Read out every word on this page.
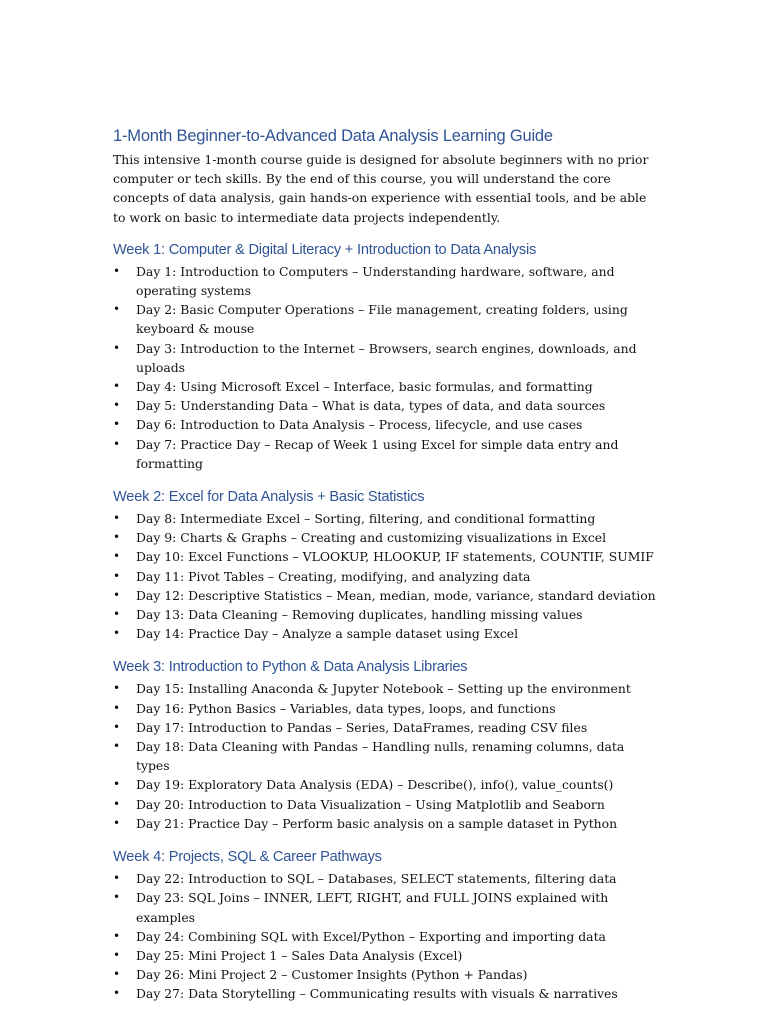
1-Month Beginner-to-Advanced Data Analysis Learning Guide

This intensive 1-month course guide is designed for absolute beginners with no prior computer or tech skills. By the end of this course, you will understand the core concepts of data analysis, gain hands-on experience with essential tools, and be able to work on basic to intermediate data projects independently.

Week 1: Computer & Digital Literacy + Introduction to Data Analysis
• Day 1: Introduction to Computers – Understanding hardware, software, and operating systems
• Day 2: Basic Computer Operations – File management, creating folders, using keyboard & mouse
• Day 3: Introduction to the Internet – Browsers, search engines, downloads, and uploads
• Day 4: Using Microsoft Excel – Interface, basic formulas, and formatting
• Day 5: Understanding Data – What is data, types of data, and data sources
• Day 6: Introduction to Data Analysis – Process, lifecycle, and use cases
• Day 7: Practice Day – Recap of Week 1 using Excel for simple data entry and formatting
Week 2: Excel for Data Analysis + Basic Statistics
• Day 8: Intermediate Excel – Sorting, filtering, and conditional formatting
• Day 9: Charts & Graphs – Creating and customizing visualizations in Excel
• Day 10: Excel Functions – VLOOKUP, HLOOKUP, IF statements, COUNTIF, SUMIF
• Day 11: Pivot Tables – Creating, modifying, and analyzing data
• Day 12: Descriptive Statistics – Mean, median, mode, variance, standard deviation
• Day 13: Data Cleaning – Removing duplicates, handling missing values
• Day 14: Practice Day – Analyze a sample dataset using Excel
Week 3: Introduction to Python & Data Analysis Libraries
• Day 15: Installing Anaconda & Jupyter Notebook – Setting up the environment
• Day 16: Python Basics – Variables, data types, loops, and functions
• Day 17: Introduction to Pandas – Series, DataFrames, reading CSV files
• Day 18: Data Cleaning with Pandas – Handling nulls, renaming columns, data types
• Day 19: Exploratory Data Analysis (EDA) – Describe(), info(), value_counts()
• Day 20: Introduction to Data Visualization – Using Matplotlib and Seaborn
• Day 21: Practice Day – Perform basic analysis on a sample dataset in Python
Week 4: Projects, SQL & Career Pathways
• Day 22: Introduction to SQL – Databases, SELECT statements, filtering data
• Day 23: SQL Joins – INNER, LEFT, RIGHT, and FULL JOINS explained with examples
• Day 24: Combining SQL with Excel/Python – Exporting and importing data
• Day 25: Mini Project 1 – Sales Data Analysis (Excel)
• Day 26: Mini Project 2 – Customer Insights (Python + Pandas)
• Day 27: Data Storytelling – Communicating results with visuals & narratives
